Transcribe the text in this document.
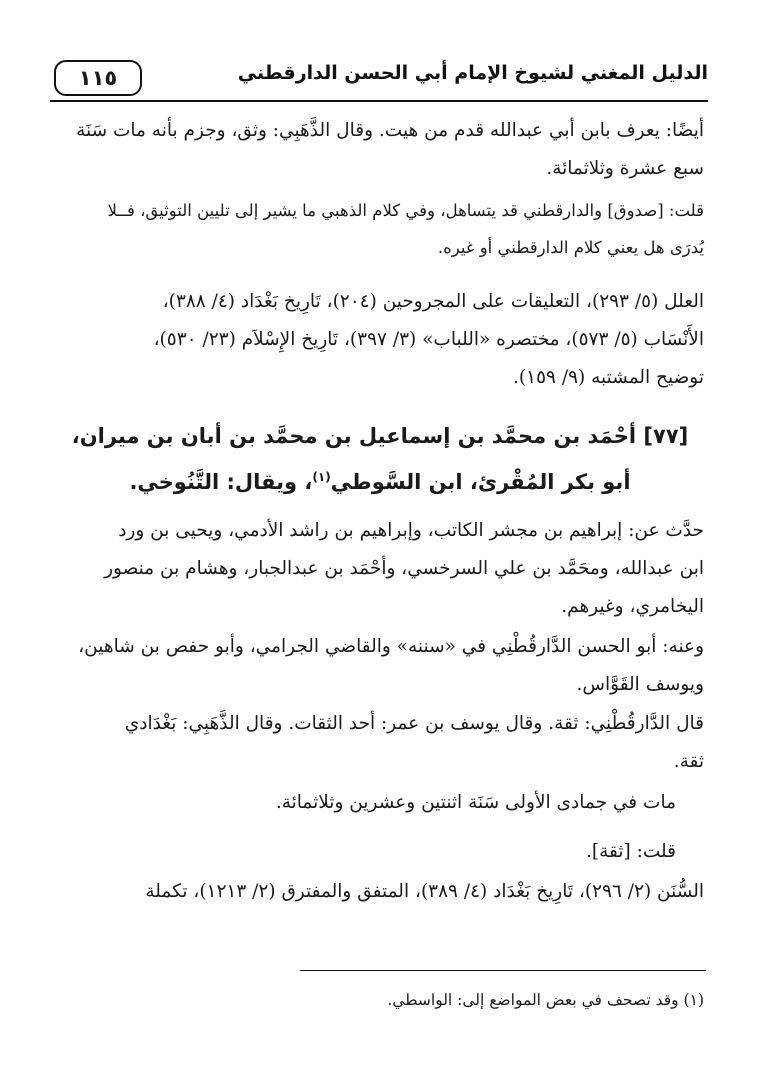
الدليل المغني لشيوخ الإمام أبي الحسن الدارقطني
١١٥
أيضًا: يعرف بابن أبي عبدالله قدم من هيت. وقال الذَّهَبِي: وثق، وجزم بأنه مات سَنَة
سبع عشرة وثلاثمائة.
قلت: [صدوق] والدارقطني قد يتساهل، وفي كلام الذهبي ما يشير إلى تليين التوثيق، فــلا
يُدرَى هل يعني كلام الدارقطني أو غيره.
العلل (٥/ ٢٩٣)، التعليقات على المجروحين (٢٠٤)، تَارِيخ بَغْدَاد (٤/ ٣٨٨)،
الأَنْسَاب (٥/ ٥٧٣)، مختصره «اللباب» (٣/ ٣٩٧)، تَارِيخ الإِسْلاَم (٢٣/ ٥٣٠)،
توضيح المشتبه (٩/ ١٥٩).
[٧٧] أحْمَد بن محمَّد بن إسماعيل بن محمَّد بن أبان بن ميران،
أبو بكر المُقْرئ، ابن السَّوطي$^{(١)}$، ويقال: التَّنُوخي.
حدَّث عن: إبراهيم بن مجشر الكاتب، وإبراهيم بن راشد الأدمي، ويحيى بن ورد
ابن عبدالله، ومحَمَّد بن علي السرخسي، وأحْمَد بن عبدالجبار، وهشام بن منصور
اليخامري، وغيرهم.
وعنه: أبو الحسن الدَّارقُطْنِي في «سننه» والقاضي الجرامي، وأبو حفص بن شاهين،
ويوسف القَوَّاس.
قال الدَّارقُطْنِي: ثقة. وقال يوسف بن عمر: أحد الثقات. وقال الذَّهَبِي: بَغْدَادي
ثقة.
مات في جمادى الأولى سَنَة اثنتين وعشرين وثلاثمائة.
قلت: [ثقة].
السُّنَن (٢/ ٢٩٦)، تَارِيخ بَغْدَاد (٤/ ٣٨٩)، المتفق والمفترق (٢/ ١٢١٣)، تكملة
(١) وقد تصحف في بعض المواضع إلى: الواسطي.
